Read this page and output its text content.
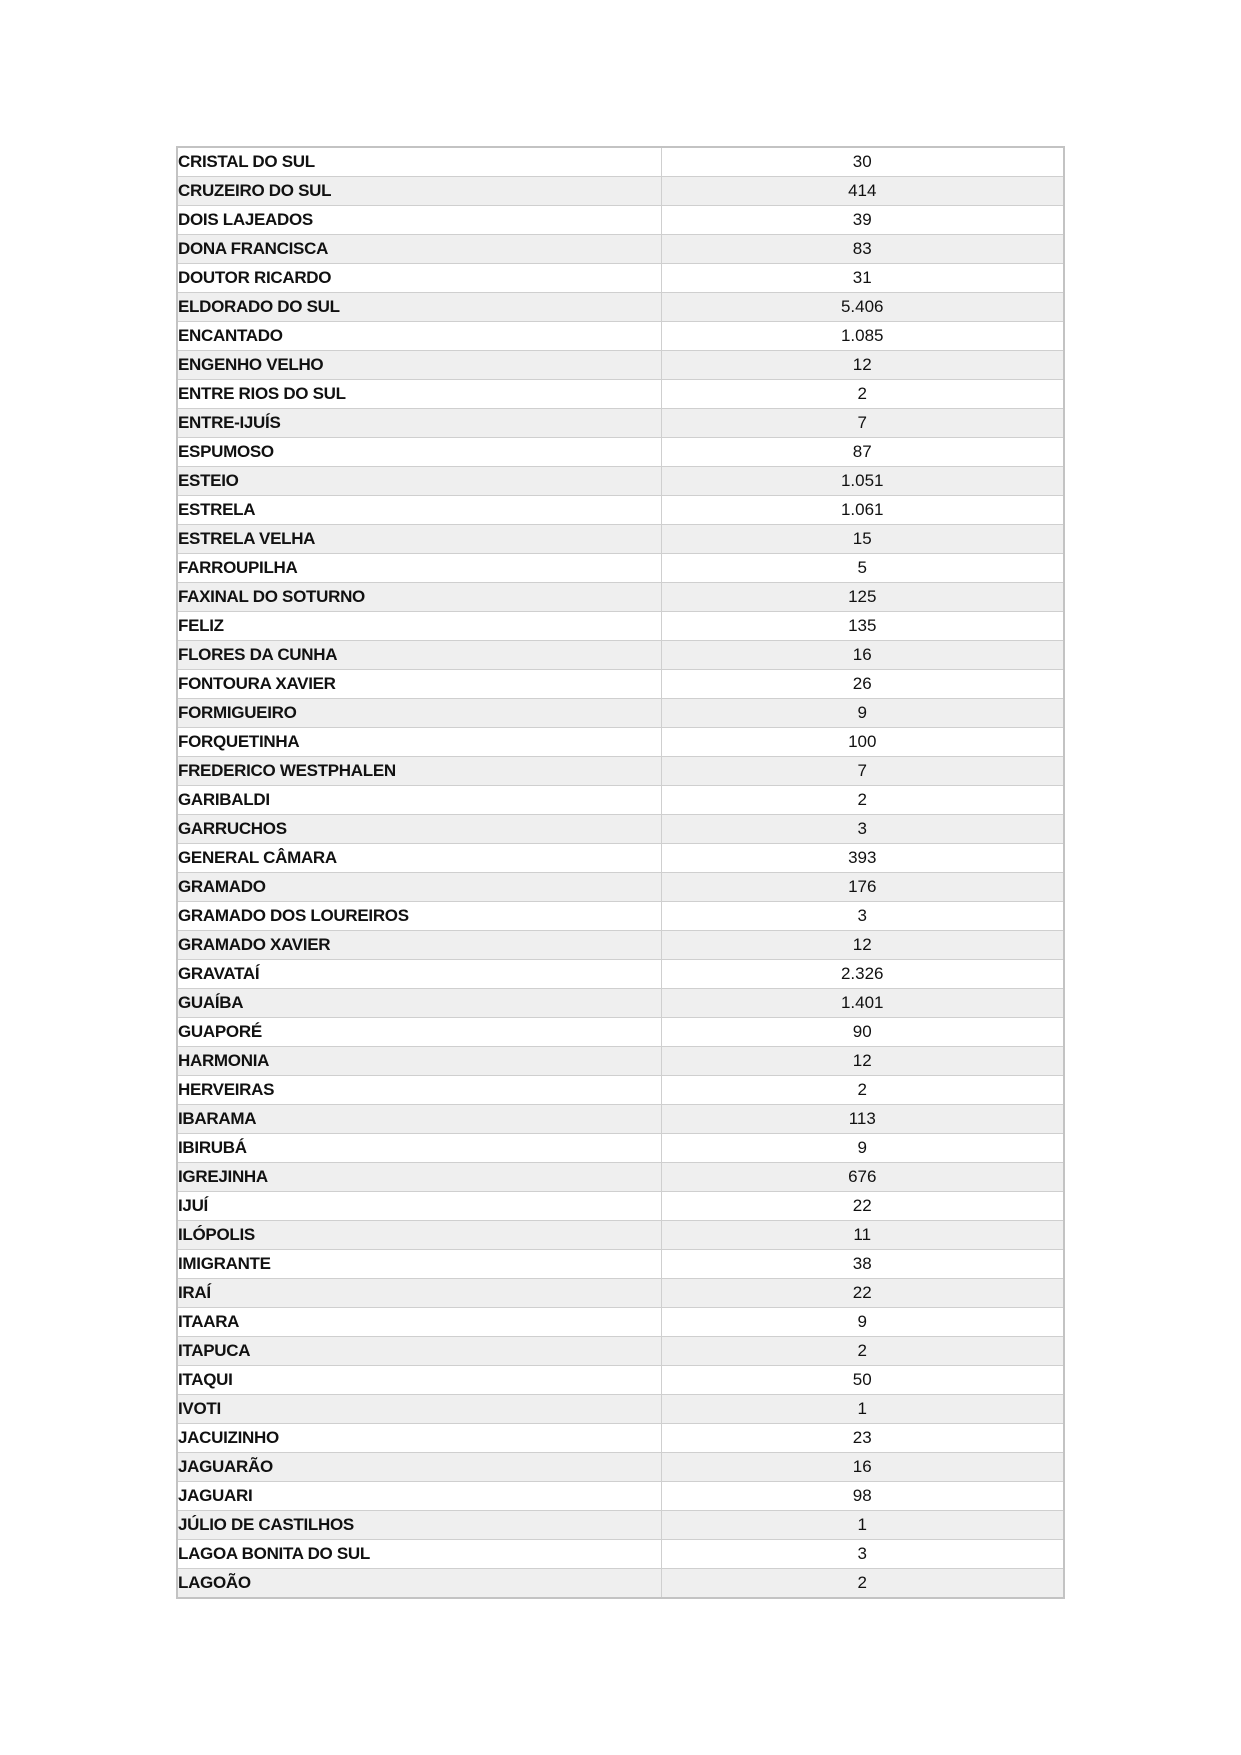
CRISTAL DO SUL	30
CRUZEIRO DO SUL	414
DOIS LAJEADOS	39
DONA FRANCISCA	83
DOUTOR RICARDO	31
ELDORADO DO SUL	5.406
ENCANTADO	1.085
ENGENHO VELHO	12
ENTRE RIOS DO SUL	2
ENTRE-IJUÍS	7
ESPUMOSO	87
ESTEIO	1.051
ESTRELA	1.061
ESTRELA VELHA	15
FARROUPILHA	5
FAXINAL DO SOTURNO	125
FELIZ	135
FLORES DA CUNHA	16
FONTOURA XAVIER	26
FORMIGUEIRO	9
FORQUETINHA	100
FREDERICO WESTPHALEN	7
GARIBALDI	2
GARRUCHOS	3
GENERAL CÂMARA	393
GRAMADO	176
GRAMADO DOS LOUREIROS	3
GRAMADO XAVIER	12
GRAVATAÍ	2.326
GUAÍBA	1.401
GUAPORÉ	90
HARMONIA	12
HERVEIRAS	2
IBARAMA	113
IBIRUBÁ	9
IGREJINHA	676
IJUÍ	22
ILÓPOLIS	11
IMIGRANTE	38
IRAÍ	22
ITAARA	9
ITAPUCA	2
ITAQUI	50
IVOTI	1
JACUIZINHO	23
JAGUARÃO	16
JAGUARI	98
JÚLIO DE CASTILHOS	1
LAGOA BONITA DO SUL	3
LAGOÃO	2
